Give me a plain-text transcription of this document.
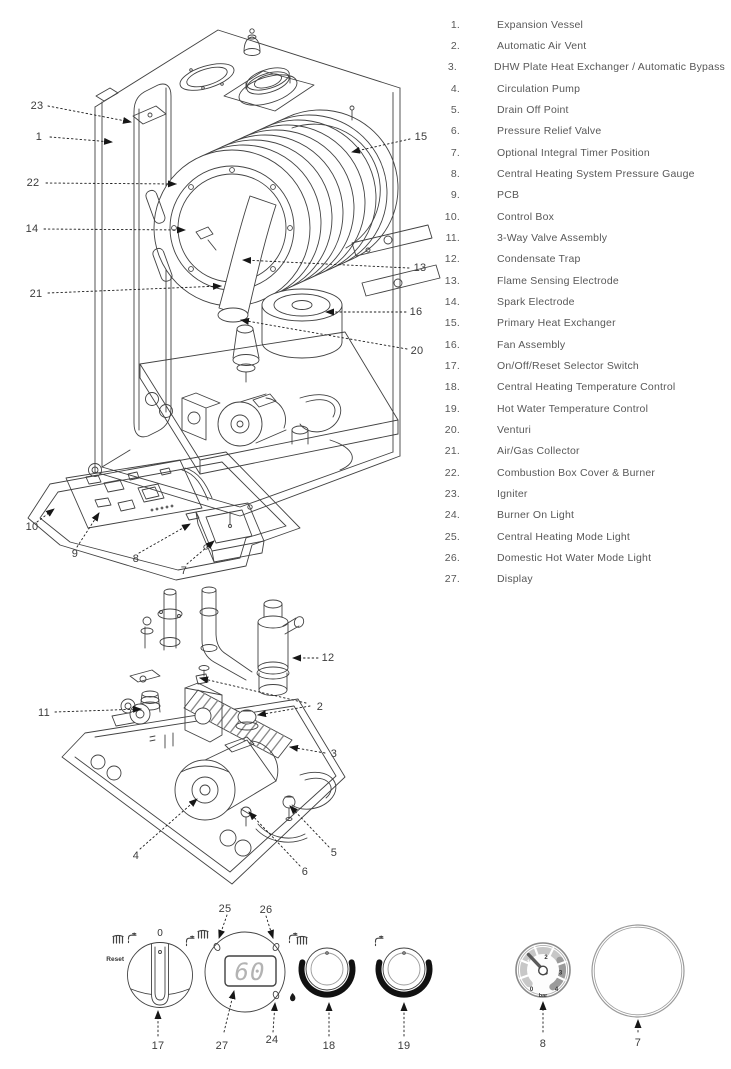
0
Reset	60
0
1
2
3
4
bar
1.	Expansion Vessel
2.	Automatic Air Vent
3.	DHW Plate Heat Exchanger / Automatic Bypass
4.	Circulation Pump
5.	Drain Off Point
6.	Pressure Relief Valve
7.	Optional Integral Timer Position
8.	Central Heating System Pressure Gauge
9.	PCB
10.	Control Box
11.	3-Way Valve Assembly
12.	Condensate Trap
13.	Flame Sensing Electrode
14.	Spark Electrode
15.	Primary Heat Exchanger
16.	Fan Assembly
17.	On/Off/Reset Selector Switch
18.	Central Heating Temperature Control
19.	Hot Water Temperature Control
20.	Venturi
21.	Air/Gas Collector
22.	Combustion Box Cover & Burner
23.	Igniter
24.	Burner On Light
25.	Central Heating Mode Light
26.	Domestic Hot Water Mode Light
27.	Display
23
1
22
14
21
15
13
16
20
10
9	8
7
11
12
2
3
4
6
5
25	26
17	27	24	18	19	8	7
